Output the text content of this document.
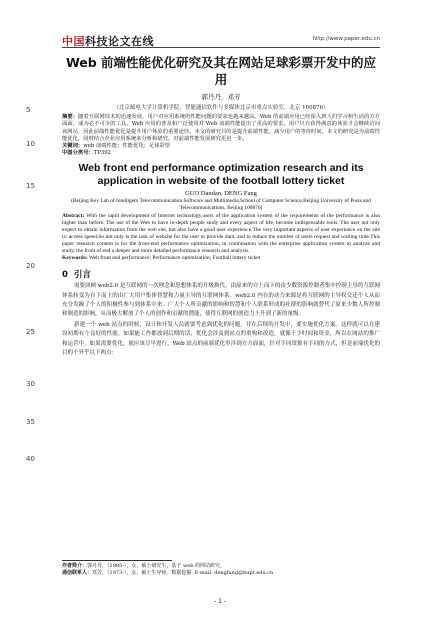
中国科技论文在线	http://www.paper.edu.cn
5
10
15
20
25
30
35
40
Web 前端性能优化研究及其在网站足球彩票开发中的应用
郭丹丹，邓芳
（北京邮电大学计算机学院，智能通信软件与多媒体北京市重点实验室，北京 100876）
摘要：随着互联网技术的迅速发展，用户对应用系统的性能问题的要求也越来越高。Web 的前端应用已经深入到人们学习和生活的方方面面，成为必不可少的工具。Web 应用的普及和广泛使用对 Web 前端性能提出了更高的要求。用户只有获得满意的体验才会继续访问该网站，因此前端性能优化是提升用户体验的重要途径。本文的研究目的是提升前端性能，减少用户的等待时间。本文的研究是为前端性能优化，同时结合企业应用系统来分析和研究，对前端性能发展研究更进一步。
关键词：web 前端性能；性能优化；足球彩票
中图分类号：TP392
Web front end performance optimization research and its application in website of the football lottery ticket
GUO Dandan, DENG Fang
(Beijing Key Lab of Intelligent Telecommunication Software and Multimedia,School of Computer Science,Beijing University of Posts and Telecommunications, Beijing 100876)
Abstract: With the rapid development of Internet technology,users of the application system of the requirements of the performance is also higher than before. The use of the Web to have in-depth people study and every aspect of life, become indispensable tools. The user not only expect to obtain information from the web site, but also have a good user experience.The very important aspects of user experience on the site is: access speed.So not only is the task of website for the user to provide data, and to reduce the number of users request and waiting time.This paper research content is for the front-end performance optimization, in combination with the enterprise application system to analyze and study, the front of end a deeper and more detailed performance research and analysis.
Keywords: Web front end performance; Performance optimization; Football lottery ticket
0 引言
需要回顾 web2.0 是互联网的一次理念和思想体系的升级换代，由原来的自上而下的由少数资源控制者集中控制主导的互联网体系转变为自下而上的由广大用户集体智慧和力量主导的互联网体系。web2.0 内在的动力来源是将互联网的主导权交还个人从而充分发掘了个人的积极性参与到体系中来。广大个人所贡献的影响和智慧和个人联系形成的社群的影响就替代了原来少数人所控制和制造的影响，从而极大解放了个人的创作和贡献的潜能，使得互联网的创造力上升到了新的量级。
新建一个 web 站点的时候，设计和开发人员就要考虑到优化的问题，并在后续的开发中，要实施优化方案。这样就可以在建设初期有个良好的性能。如果能工作都放到后期的话，优化会涉及到站点的重构和改造，就像不少时间和资金，所以在网站的推广和运营中，如果需要优化，就应该尽早进行。Web 站点的前端优化牵涉到方方面面，针对不同资源有不同的方式，但是前端优化的目的不外乎以下两点：
作者简介：郭丹丹，（1985-），女，硕士研究生，基于 web 的网站研究。
通信联系人：邓芳，（1973-），女，硕士生导师，数据挖掘. E-mail: dengfang@bupt.edu.cn
- 1 -
